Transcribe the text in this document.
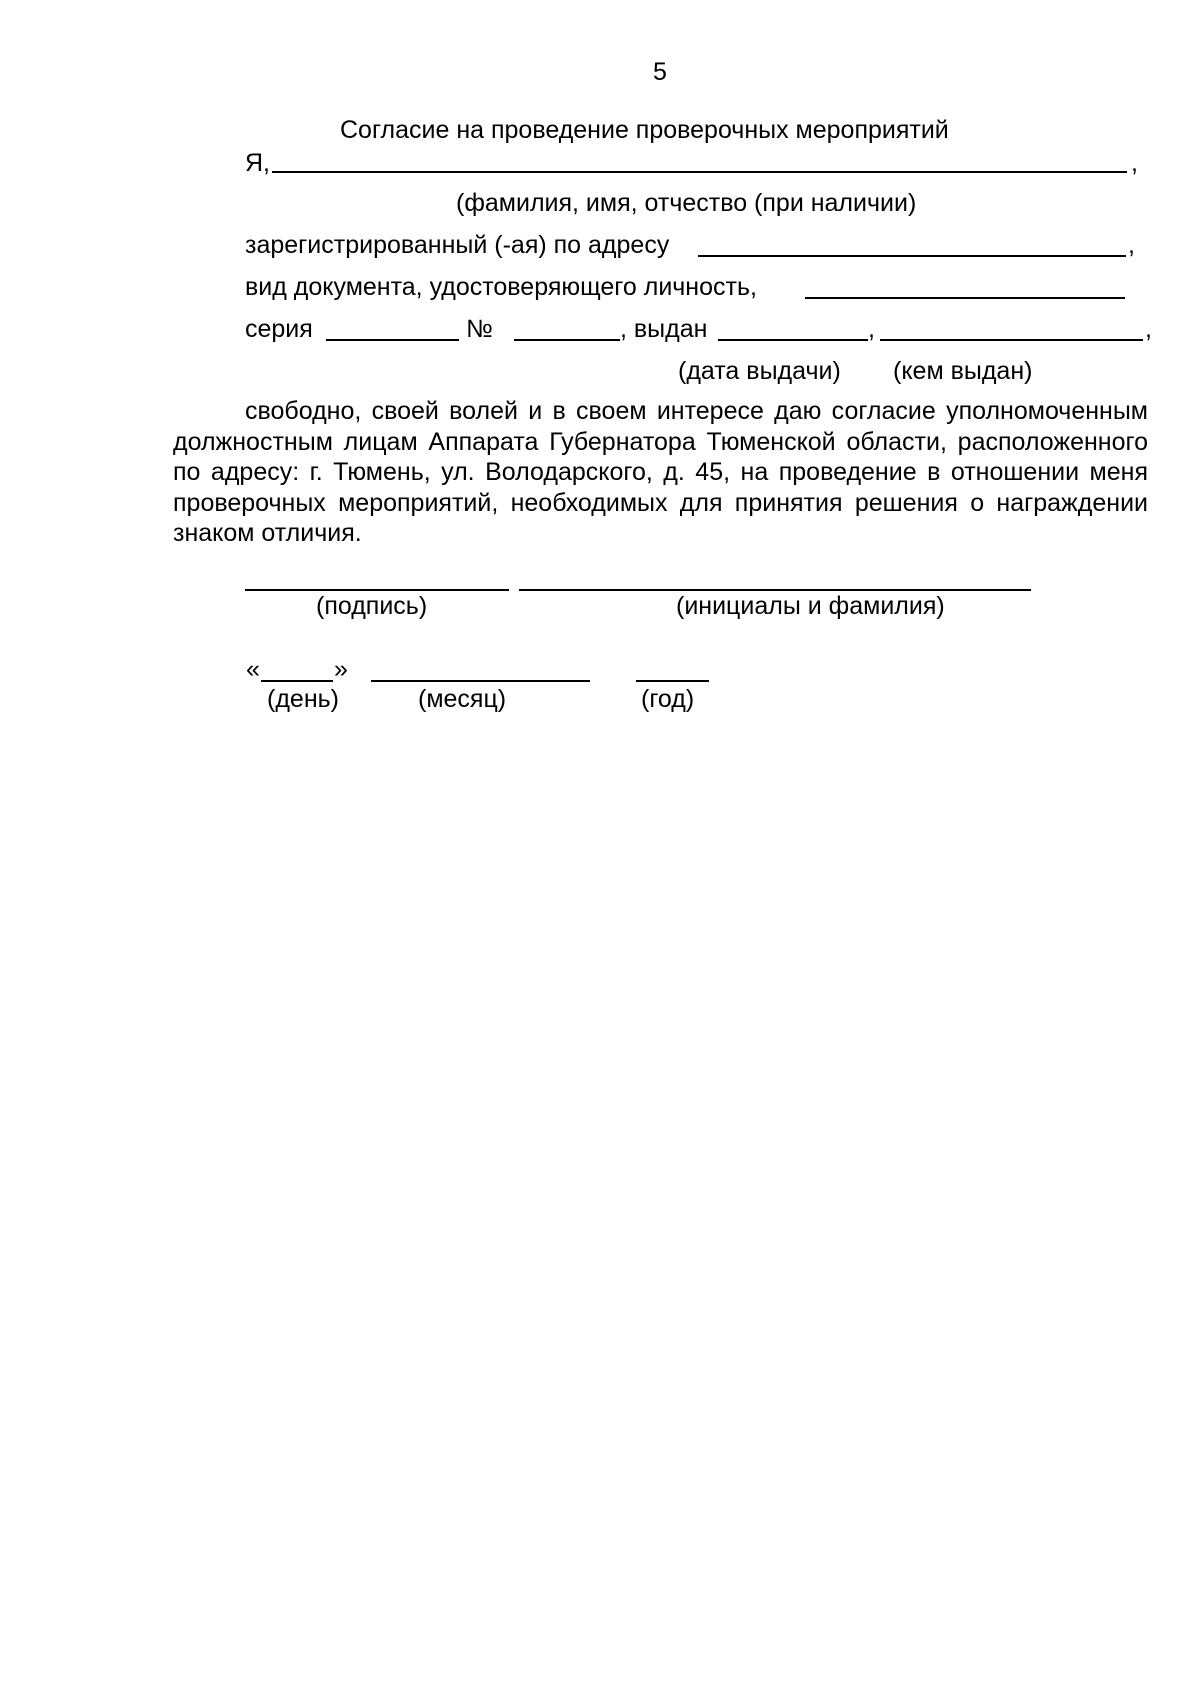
5
Согласие на проведение проверочных мероприятий
Я,	,
(фамилия, имя, отчество (при наличии)
зарегистрированный (-ая) по адресу	,
вид документа, удостоверяющего личность,
серия	№	, выдан	,	,
(дата выдачи) (кем выдан)
свободно, своей волей и в своем интересе даю согласие уполномоченным должностным лицам Аппарата Губернатора Тюменской области, расположенного по адресу: г. Тюмень, ул. Володарского, д. 45, на проведение в отношении меня проверочных мероприятий, необходимых для принятия решения о награждении знаком отличия.
(подпись)	(инициалы и фамилия)
«	»
(день)	(месяц)	(год)
